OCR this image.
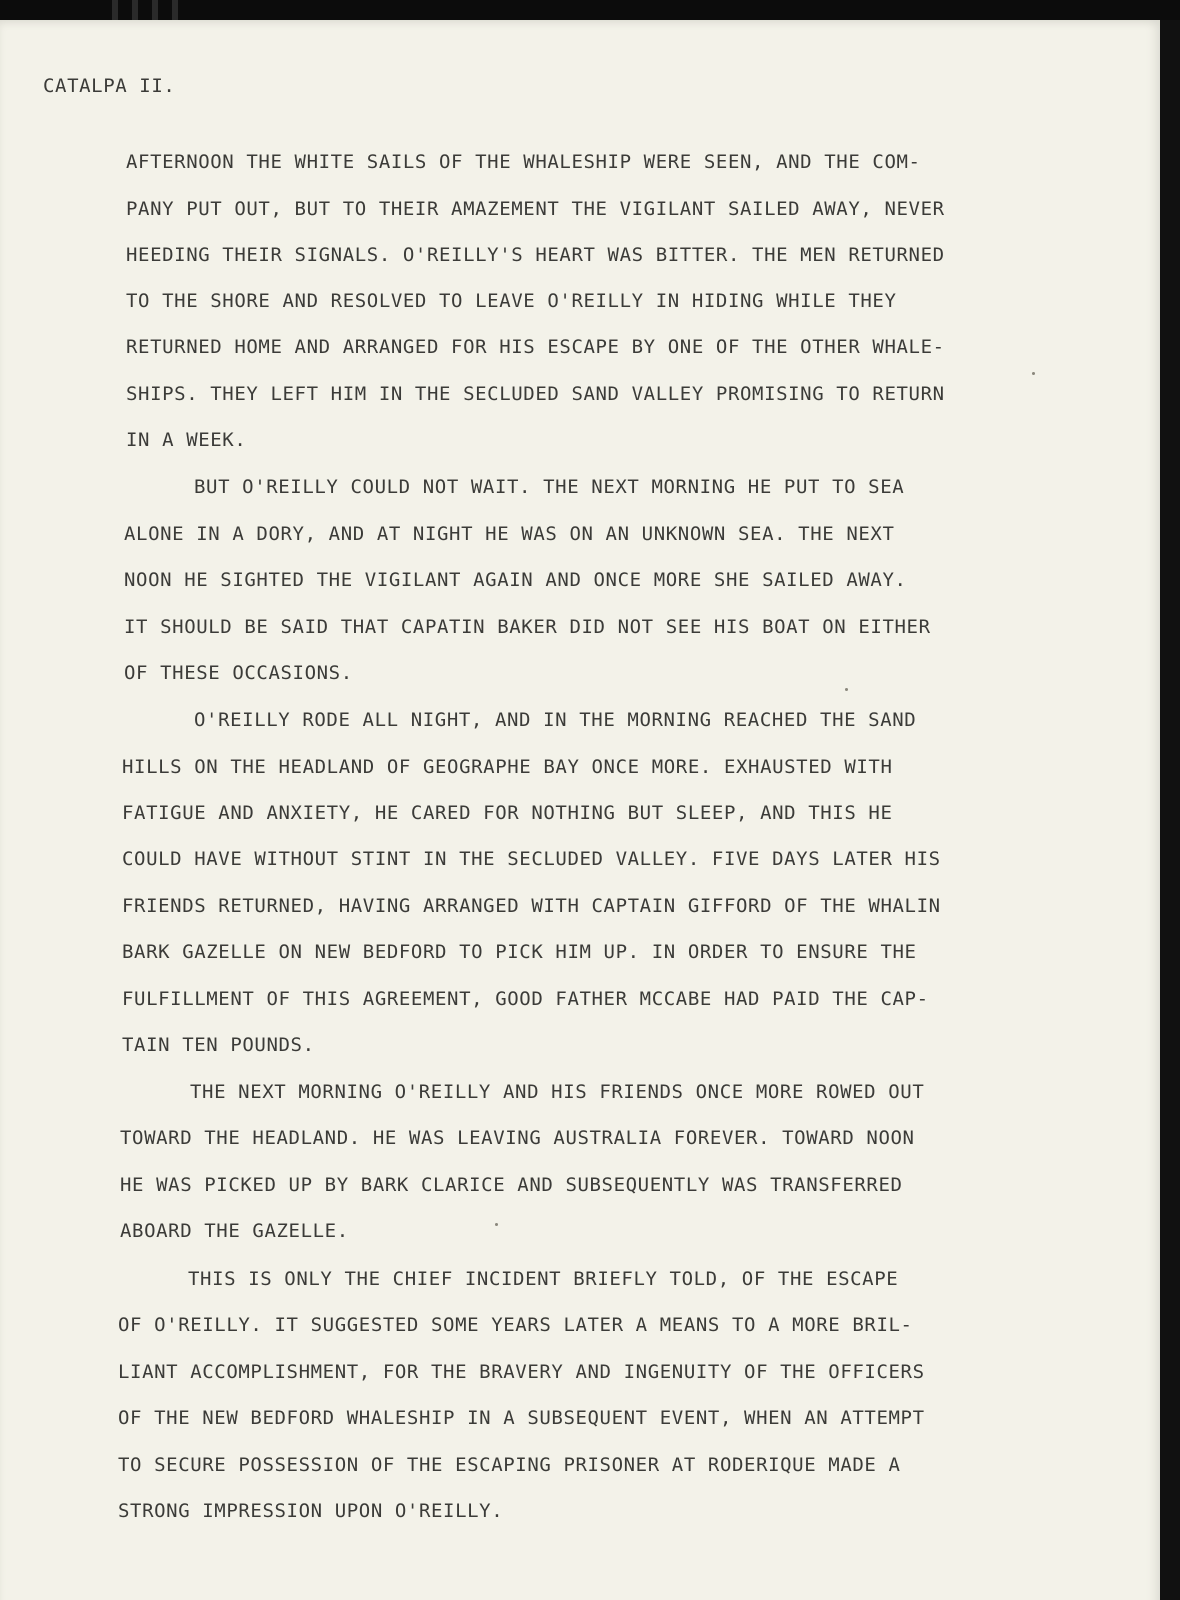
CATALPA II.

AFTERNOON THE WHITE SAILS OF THE WHALESHIP WERE SEEN, AND THE COM-

PANY PUT OUT, BUT TO THEIR AMAZEMENT THE VIGILANT SAILED AWAY, NEVER

HEEDING THEIR SIGNALS. O'REILLY'S HEART WAS BITTER. THE MEN RETURNED

TO THE SHORE AND RESOLVED TO LEAVE O'REILLY IN HIDING WHILE THEY

RETURNED HOME AND ARRANGED FOR HIS ESCAPE BY ONE OF THE OTHER WHALE-

SHIPS. THEY LEFT HIM IN THE SECLUDED SAND VALLEY PROMISING TO RETURN

IN A WEEK.

BUT O'REILLY COULD NOT WAIT. THE NEXT MORNING HE PUT TO SEA

ALONE IN A DORY, AND AT NIGHT HE WAS ON AN UNKNOWN SEA. THE NEXT

NOON HE SIGHTED THE VIGILANT AGAIN AND ONCE MORE SHE SAILED AWAY.

IT SHOULD BE SAID THAT CAPATIN BAKER DID NOT SEE HIS BOAT ON EITHER

OF THESE OCCASIONS.

O'REILLY RODE ALL NIGHT, AND IN THE MORNING REACHED THE SAND

HILLS ON THE HEADLAND OF GEOGRAPHE BAY ONCE MORE. EXHAUSTED WITH

FATIGUE AND ANXIETY, HE CARED FOR NOTHING BUT SLEEP, AND THIS HE

COULD HAVE WITHOUT STINT IN THE SECLUDED VALLEY. FIVE DAYS LATER HIS

FRIENDS RETURNED, HAVING ARRANGED WITH CAPTAIN GIFFORD OF THE WHALIN

BARK GAZELLE ON NEW BEDFORD TO PICK HIM UP. IN ORDER TO ENSURE THE

FULFILLMENT OF THIS AGREEMENT, GOOD FATHER MCCABE HAD PAID THE CAP-

TAIN TEN POUNDS.

THE NEXT MORNING O'REILLY AND HIS FRIENDS ONCE MORE ROWED OUT

TOWARD THE HEADLAND. HE WAS LEAVING AUSTRALIA FOREVER. TOWARD NOON

HE WAS PICKED UP BY BARK CLARICE AND SUBSEQUENTLY WAS TRANSFERRED

ABOARD THE GAZELLE.

THIS IS ONLY THE CHIEF INCIDENT BRIEFLY TOLD, OF THE ESCAPE

OF O'REILLY. IT SUGGESTED SOME YEARS LATER A MEANS TO A MORE BRIL-

LIANT ACCOMPLISHMENT, FOR THE BRAVERY AND INGENUITY OF THE OFFICERS

OF THE NEW BEDFORD WHALESHIP IN A SUBSEQUENT EVENT, WHEN AN ATTEMPT

TO SECURE POSSESSION OF THE ESCAPING PRISONER AT RODERIQUE MADE A

STRONG IMPRESSION UPON O'REILLY.
